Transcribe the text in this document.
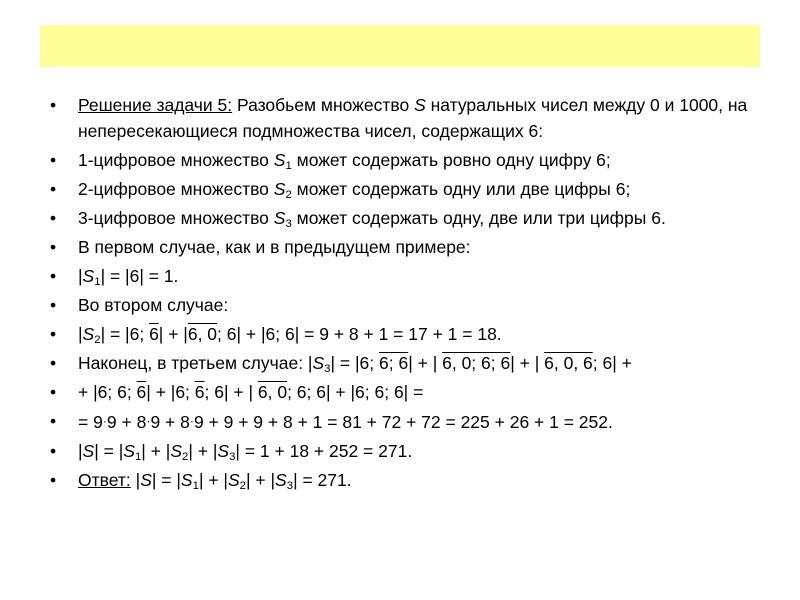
• Решение задачи 5: Разобьем множество S натуральных чисел между 0 и 1000, на непересекающиеся подмножества чисел, содержащих 6:
• 1-цифровое множество $S_1$ может содержать ровно одну цифру 6;
• 2-цифровое множество $S_2$ может содержать одну или две цифры 6;
• 3-цифровое множество $S_3$ может содержать одну, две или три цифры 6.
• В первом случае, как и в предыдущем примере:
• $|S_1| = |6| = 1$.
• Во втором случае:
• $|S_2| = |6$; 6| + |6, 0; 6| + |6; 6| = 9 + 8 + 1 = 17 + 1 = 18.
• Наконец, в третьем случае: $|S_3| = |6$; 6; 6| + | 6, 0; 6; 6| + | 6, 0, 6; 6| +
• + |6; 6; 6| + |6; 6; 6| + | 6, 0; 6; 6| + |6; 6; 6| =
• = 9·9 + 8·9 + 8·9 + 9 + 9 + 8 + 1 = 81 + 72 + 72 = 225 + 26 + 1 = 252.
• $|S| = |S_1| + |S_2| + |S_3| = 1 + 18 + 252 = 271$.
• Ответ: $|S| = |S_1| + |S_2| + |S_3| = 271$.
